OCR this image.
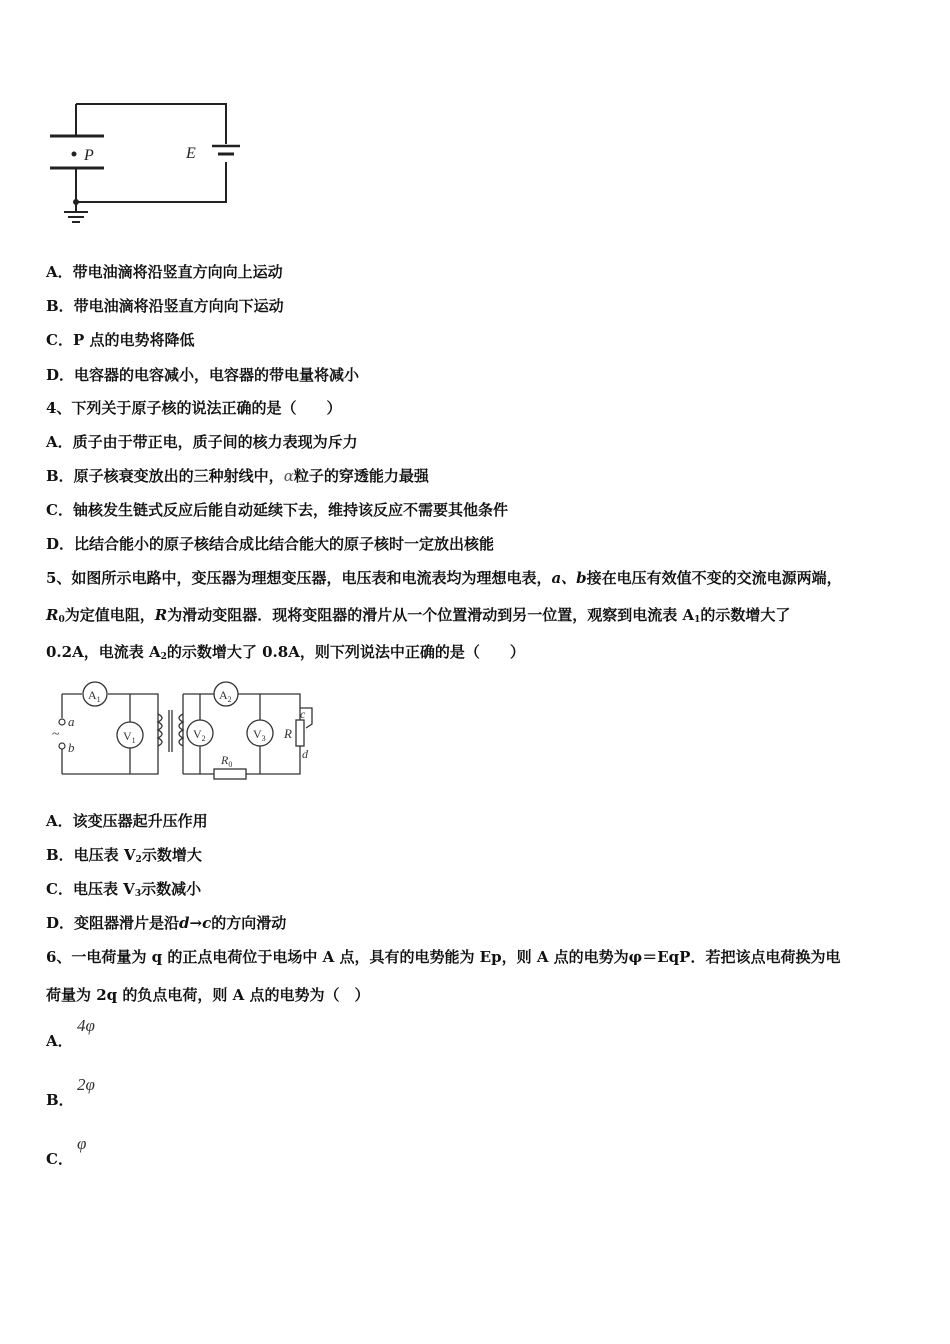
P	E
A．带电油滴将沿竖直方向向上运动
B．带电油滴将沿竖直方向向下运动
C．P 点的电势将降低
D．电容器的电容减小，电容器的带电量将减小
4、下列关于原子核的说法正确的是（　　）
A．质子由于带正电，质子间的核力表现为斥力
B．原子核衰变放出的三种射线中，α粒子的穿透能力最强
C．铀核发生链式反应后能自动延续下去，维持该反应不需要其他条件
D．比结合能小的原子核结合成比结合能大的原子核时一定放出核能
5、如图所示电路中，变压器为理想变压器，电压表和电流表均为理想电表，a、b接在电压有效值不变的交流电源两端，
$R_0$为定值电阻，R为滑动变阻器．现将变阻器的滑片从一个位置滑动到另一位置，观察到电流表 $A_1$的示数增大了
0.2A，电流表 $A_2$的示数增大了 0.8A，则下列说法中正确的是（　　）
~
a
b
$A_1$
$V_1$
$A_2$
$V_2$	$V_3$
$R_0$
R
c
d
A．该变压器起升压作用
B．电压表 $V_2$示数增大
C．电压表 $V_3$示数减小
D．变阻器滑片是沿d→c的方向滑动
6、一电荷量为 q 的正点电荷位于电场中 A 点，具有的电势能为 Ep，则 A 点的电势为φ＝EqP．若把该点电荷换为电
荷量为 2q 的负点电荷，则 A 点的电势为（　）
A．
4φ
B．
2φ
C．
φ
